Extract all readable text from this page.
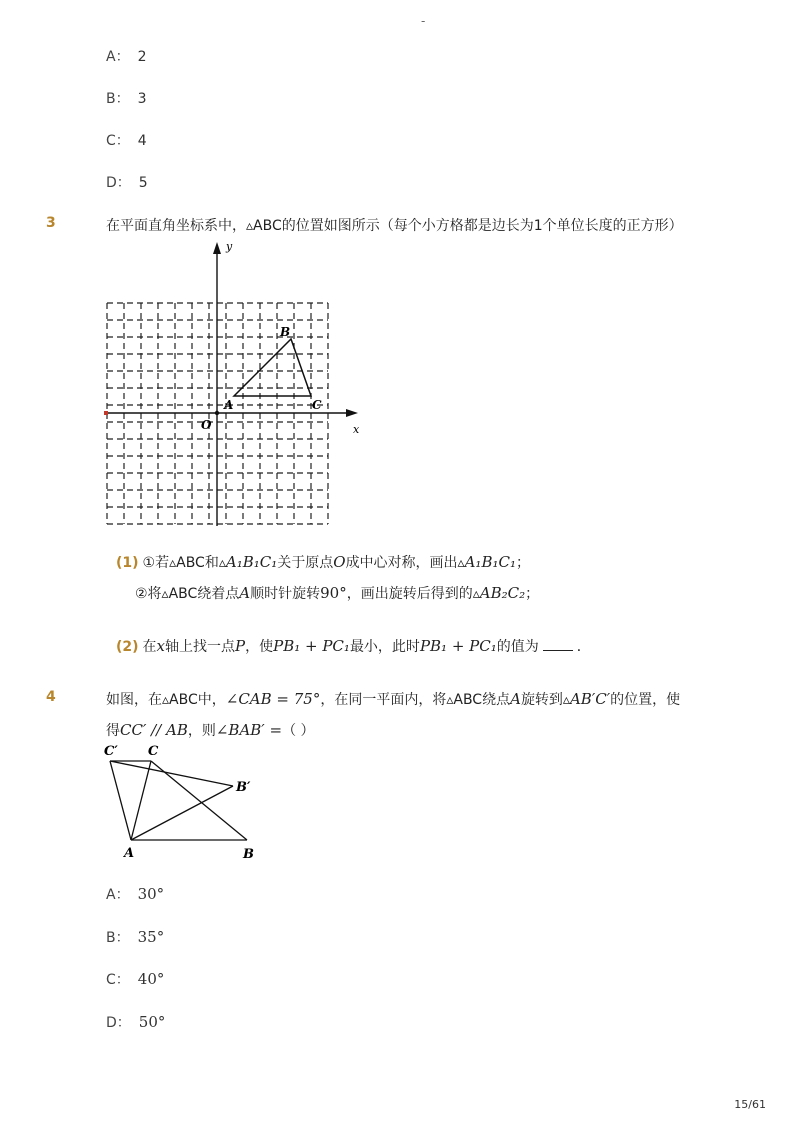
-
A： 2
B： 3
C： 4
D： 5
3	在平面直角坐标系中，▵ABC的位置如图所示（每个小方格都是边长为1个单位长度的正方形）
x
y
O
A
B
C
(1) ①若▵ABC和▵A₁B₁C₁关于原点O成中心对称，画出▵A₁B₁C₁；
②将▵ABC绕着点A顺时针旋转90°，画出旋转后得到的▵AB₂C₂；
(2) 在x轴上找一点P，使PB₁ + PC₁最小，此时PB₁ + PC₁的值为	．
4	如图，在▵ABC中，∠CAB = 75°，在同一平面内，将▵ABC绕点A旋转到▵AB′C′的位置，使
得CC′ // AB，则∠BAB′ =（ ）
C′ C
B′
A	B
A： 30°
B： 35°
C： 40°
D： 50°
15/61
